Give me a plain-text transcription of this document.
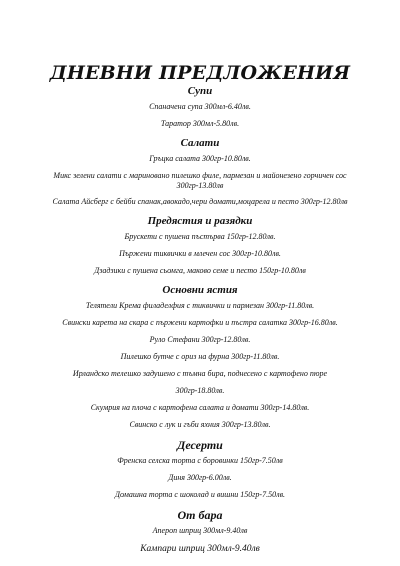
ДНЕВНИ ПРЕДЛОЖЕНИЯ
Супи
Спаначена супа 300мл-6.40лв.
Таратор 300мл-5.80лв.
Салати
Гръцка салата 300гр-10.80лв.
Микс зелени салати с мариновано пилешко филе, пармезан и майонезено горчичен сос 300гр-13.80лв
Салата Айсберг с бейби спанак,авокадо,чери домати,моцарела и песто 300гр-12.80лв
Предястия и разядки
Брускети с пушена пъстърва 150гр-12.80лв.
Пържени тиквички в млечен сос 300гр-10.80лв.
Дзадзики с пушена сьомга, маково семе и песто 150гр-10.80лв
Основни ястия
Телятели Крема филаделфия с тиквички и пармезан 300гр-11.80лв.
Свински карета на скара с пържени картофки и пъстра салатка 300гр-16.80лв.
Руло Стефани 300гр-12.80лв.
Пилешко бутче с ориз на фурна 300гр-11.80лв.
Ирландско телешко задушено с тъмна бира, поднесено с картофено пюре
300гр-18.80лв.
Скумрия на плоча с картофена салата и домати 300гр-14.80лв.
Свинско с лук и гъби яхния 300гр-13.80лв.
Десерти
Френска селска торта с боровинки 150гр-7.50лв
Диня 300гр-6.00лв.
Домашна торта с шоколад и вишни 150гр-7.50лв.
От бара
Апероп шприц 300мл-9.40лв
Кампари шприц 300мл-9.40лв
